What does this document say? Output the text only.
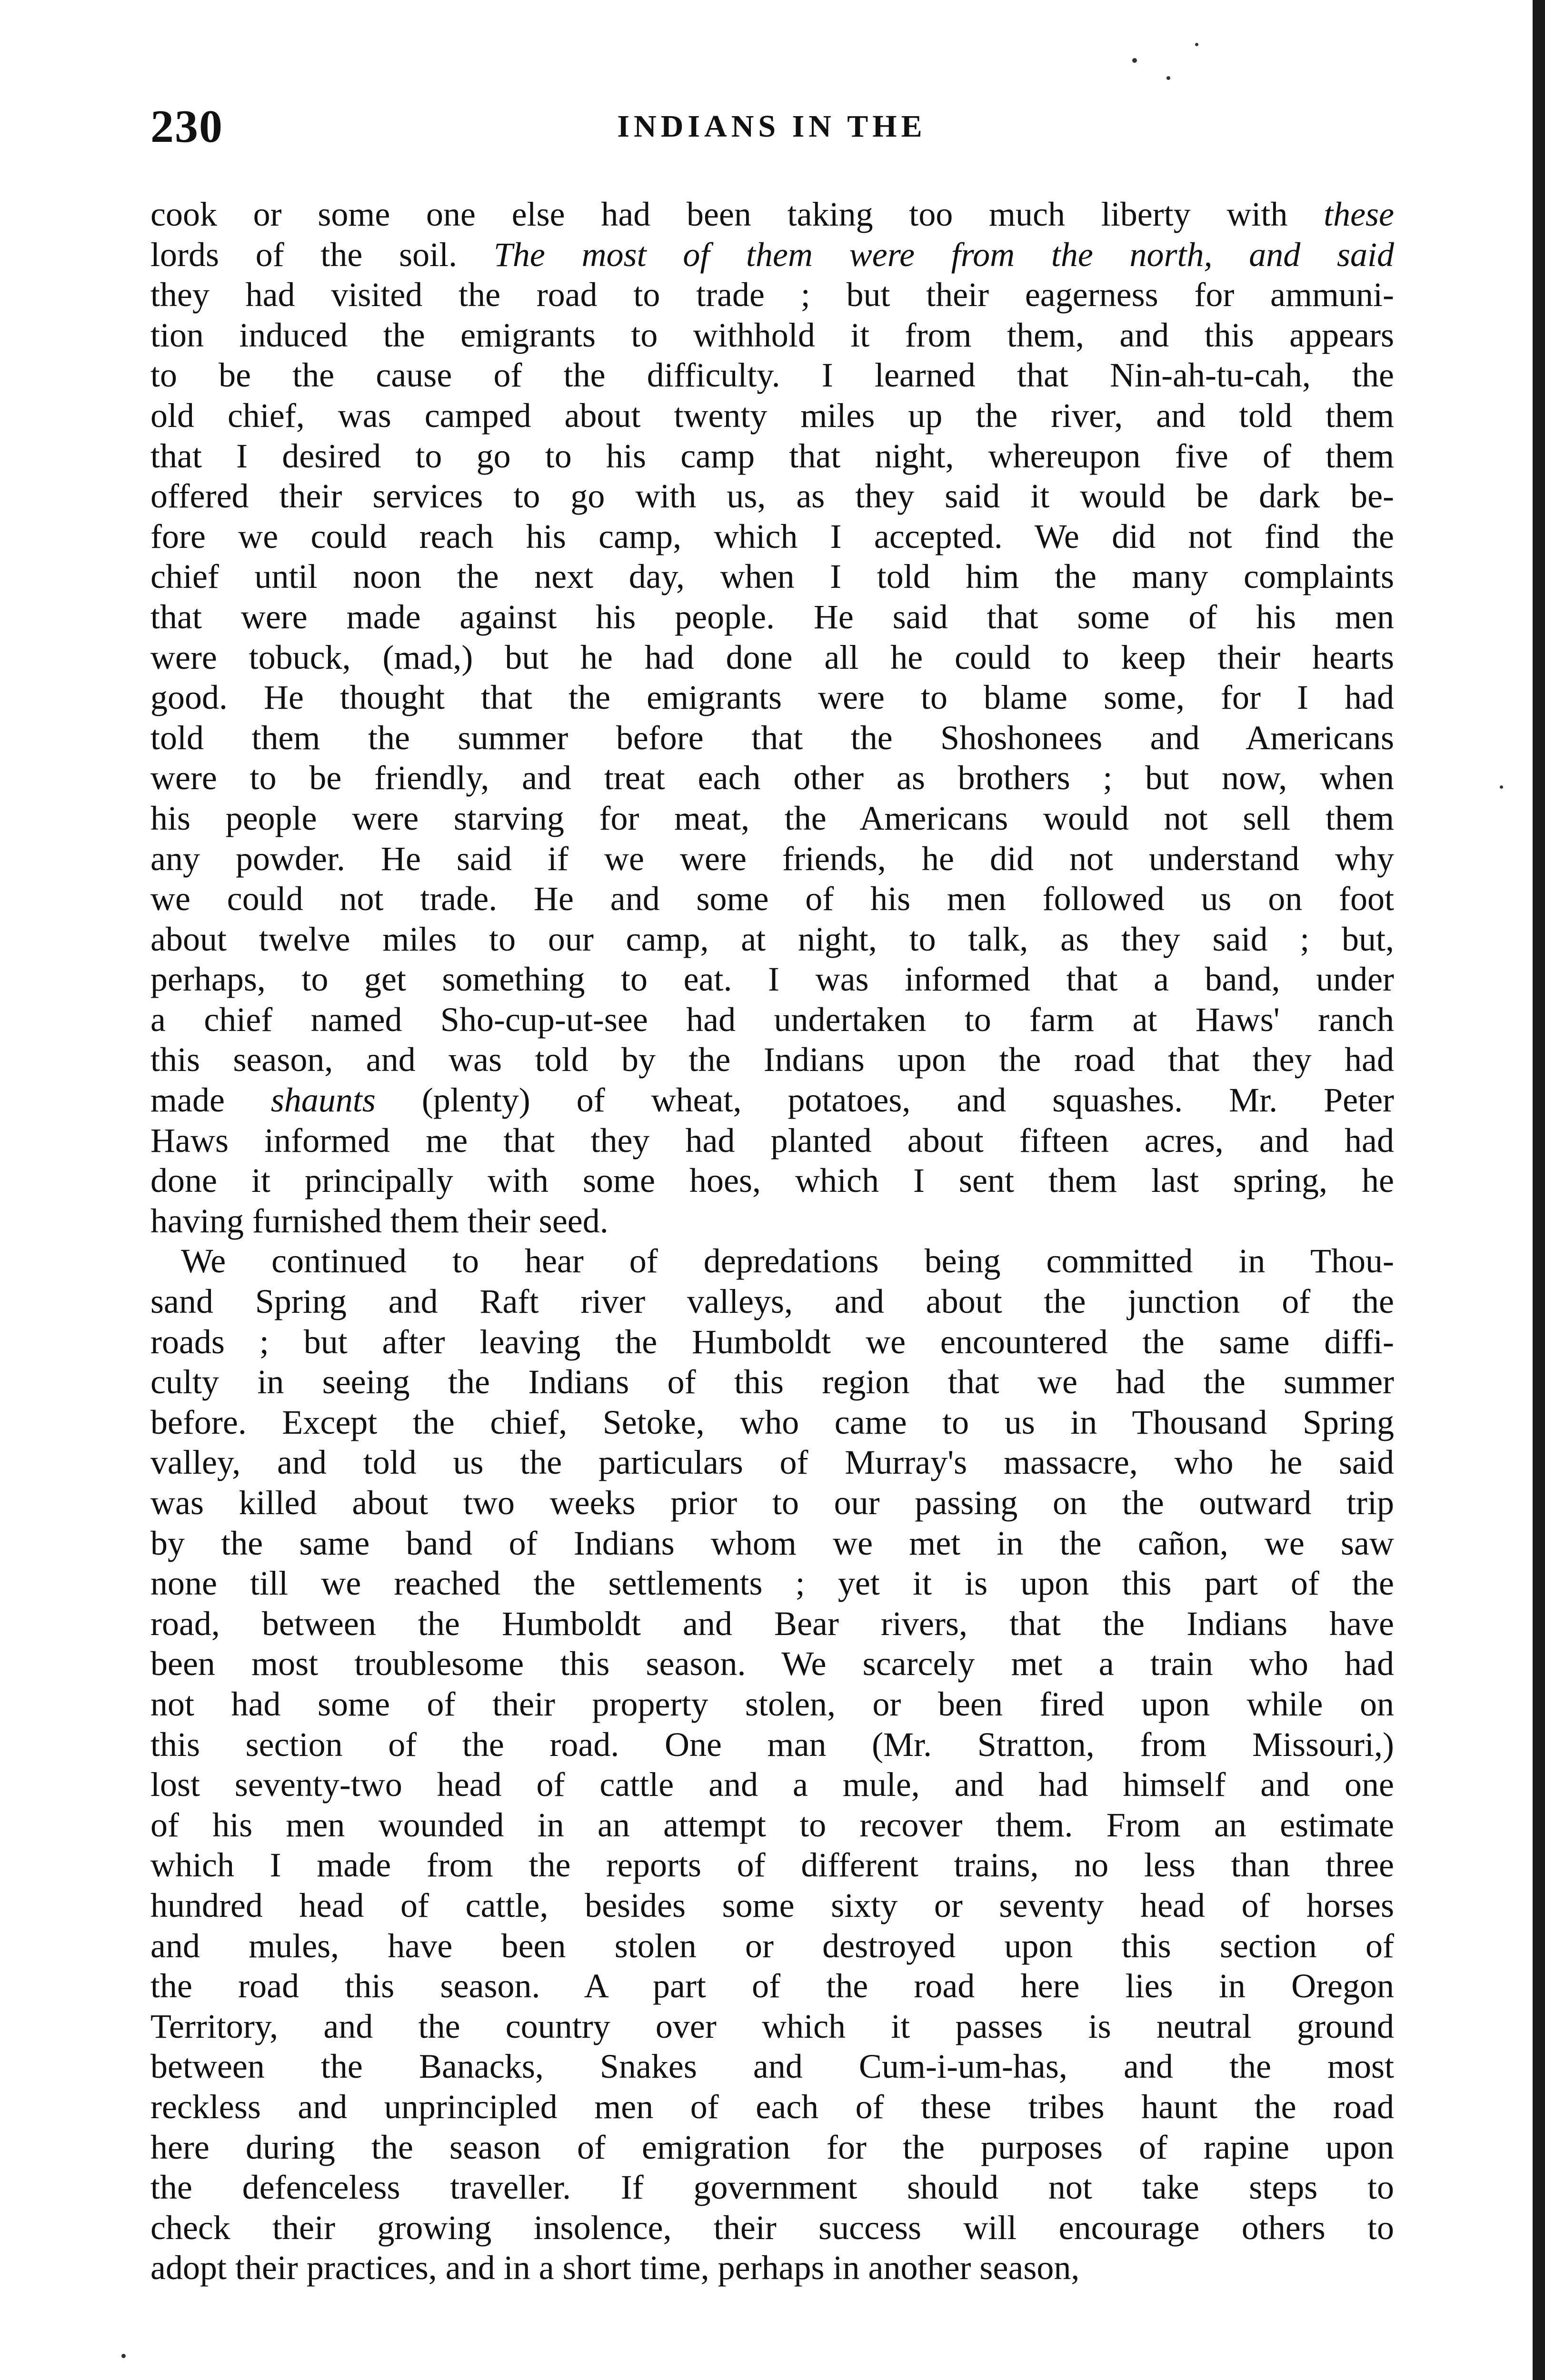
230	INDIANS IN THE
cook or some one else had been taking too much liberty with these
lords of the soil. The most of them were from the north, and said
they had visited the road to trade ; but their eagerness for ammuni-
tion induced the emigrants to withhold it from them, and this appears
to be the cause of the difficulty. I learned that Nin-ah-tu-cah, the
old chief, was camped about twenty miles up the river, and told them
that I desired to go to his camp that night, whereupon five of them
offered their services to go with us, as they said it would be dark be-
fore we could reach his camp, which I accepted. We did not find the
chief until noon the next day, when I told him the many complaints
that were made against his people. He said that some of his men
were tobuck, (mad,) but he had done all he could to keep their hearts
good. He thought that the emigrants were to blame some, for I had
told them the summer before that the Shoshonees and Americans
were to be friendly, and treat each other as brothers ; but now, when
his people were starving for meat, the Americans would not sell them
any powder. He said if we were friends, he did not understand why
we could not trade. He and some of his men followed us on foot
about twelve miles to our camp, at night, to talk, as they said ; but,
perhaps, to get something to eat. I was informed that a band, under
a chief named Sho-cup-ut-see had undertaken to farm at Haws' ranch
this season, and was told by the Indians upon the road that they had
made shaunts (plenty) of wheat, potatoes, and squashes. Mr. Peter
Haws informed me that they had planted about fifteen acres, and had
done it principally with some hoes, which I sent them last spring, he
having furnished them their seed.
We continued to hear of depredations being committed in Thou-
sand Spring and Raft river valleys, and about the junction of the
roads ; but after leaving the Humboldt we encountered the same diffi-
culty in seeing the Indians of this region that we had the summer
before. Except the chief, Setoke, who came to us in Thousand Spring
valley, and told us the particulars of Murray's massacre, who he said
was killed about two weeks prior to our passing on the outward trip
by the same band of Indians whom we met in the cañon, we saw
none till we reached the settlements ; yet it is upon this part of the
road, between the Humboldt and Bear rivers, that the Indians have
been most troublesome this season. We scarcely met a train who had
not had some of their property stolen, or been fired upon while on
this section of the road. One man (Mr. Stratton, from Missouri,)
lost seventy-two head of cattle and a mule, and had himself and one
of his men wounded in an attempt to recover them. From an estimate
which I made from the reports of different trains, no less than three
hundred head of cattle, besides some sixty or seventy head of horses
and mules, have been stolen or destroyed upon this section of
the road this season. A part of the road here lies in Oregon
Territory, and the country over which it passes is neutral ground
between the Banacks, Snakes and Cum-i-um-has, and the most
reckless and unprincipled men of each of these tribes haunt the road
here during the season of emigration for the purposes of rapine upon
the defenceless traveller. If government should not take steps to
check their growing insolence, their success will encourage others to
adopt their practices, and in a short time, perhaps in another season,
